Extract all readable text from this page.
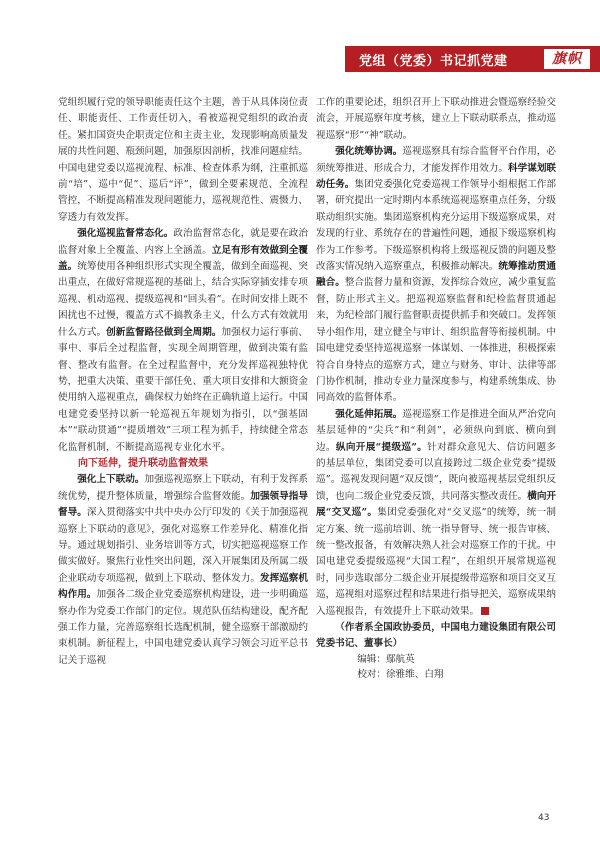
党组（党委）书记抓党建	旗帜

党组织履行党的领导职能责任这个主题，善于从具体岗位责任、职能责任、工作责任切入，看被巡视党组织的政治责任。紧扣国资央企职责定位和主责主业，发现影响高质量发展的共性问题、瓶颈问题，加强原因剖析，找准问题症结。中国电建党委以巡视流程、标准、检查体系为纲，注重抓巡前“培”、巡中“促”、巡后“评”，做到全要素规范、全流程管控，不断提高精准发现问题能力，巡视规范性、震慑力、穿透力有效发挥。

强化巡视监督常态化。政治监督常态化，就是要在政治监督对象上全覆盖、内容上全涵盖。立足有形有效做到全覆盖。统筹使用各种组织形式实现全覆盖，做到全面巡视、突出重点，在做好常规巡视的基础上，结合实际穿插安排专项巡视、机动巡视、提级巡视和“回头看”。在时间安排上既不困扰也不过慢，覆盖方式不搞教条主义，什么方式有效就用什么方式。创新监督路径做到全周期。加强权力运行事前、事中、事后全过程监督，实现全周期管理，做到决策有监督、整改有监督。在全过程监督中，充分发挥巡视独特优势，把重大决策、重要干部任免、重大项目安排和大额资金使用纳入巡视重点，确保权力始终在正确轨道上运行。中国电建党委坚持以新一轮巡视五年规划为指引，以“强基固本”“联动贯通”“提质增效”三项工程为抓手，持续健全常态化监督机制，不断提高巡视专业化水平。

向下延伸，提升联动监督效果

强化上下联动。加强巡视巡察上下联动，有利于发挥系统优势，提升整体质量，增强综合监督效能。加强领导指导督导。深入贯彻落实中共中央办公厅印发的《关于加强巡视巡察上下联动的意见》，强化对巡察工作差异化、精准化指导。通过规划指引、业务培训等方式，切实把巡视巡察工作做实做好。聚焦行业性突出问题，深入开展集团及所属二级企业联动专项巡视，做到上下联动、整体发力。发挥巡察机构作用。加强各二级企业党委巡察机构建设，进一步明确巡察办作为党委工作部门的定位。规范队伍结构建设，配齐配强工作力量，完善巡察组长选配机制，健全巡察干部激励约束机制。新征程上，中国电建党委认真学习领会习近平总书记关于巡视

工作的重要论述，组织召开上下联动推进会暨巡察经验交流会，开展巡察年度考核，建立上下联动联系点，推动巡视巡察“形”“神”联动。

强化统筹协调。巡视巡察具有综合监督平台作用，必须统筹推进、形成合力，才能发挥作用效力。科学谋划联动任务。集团党委强化党委巡视工作领导小组根据工作部署，研究提出一定时期内本系统巡视巡察重点任务，分级联动组织实施。集团巡察机构充分运用下级巡察成果，对发现的行业、系统存在的普遍性问题，通报下级巡察机构作为工作参考。下级巡察机构将上级巡视反馈的问题及整改落实情况纳入巡察重点，积极推动解决。统筹推动贯通融合。整合监督力量和资源，发挥综合效应，减少重复监督，防止形式主义。把巡视巡察监督和纪检监督贯通起来，为纪检部门履行监督职责提供抓手和突破口。发挥领导小组作用，建立健全与审计、组织监督等衔接机制。中国电建党委坚持巡视巡察一体谋划、一体推进，积极探索符合自身特点的巡察方式，建立与财务、审计、法律等部门协作机制，推动专业力量深度参与，构建系统集成、协同高效的监督体系。

强化延伸拓展。巡视巡察工作是推进全面从严治党向基层延伸的“尖兵”和“利剑”，必须纵向到底、横向到边。纵向开展“提级巡”。针对群众意见大、信访问题多的基层单位，集团党委可以直接跨过二级企业党委“提级巡”。巡视发现问题“双反馈”，既向被巡视基层党组织反馈，也向二级企业党委反馈，共同落实整改责任。横向开展“交叉巡”。集团党委强化对“交叉巡”的统筹，统一制定方案、统一巡前培训、统一指导督导、统一报告审核、统一整改报备，有效解决熟人社会对巡察工作的干扰。中国电建党委提级巡视“大国工程”，在组织开展常规巡视时，同步选取部分二级企业开展提级带巡察和项目交叉互巡，巡视组对巡察过程和结果进行指导把关，巡察成果纳入巡视报告，有效提升上下联动效果。

（作者系全国政协委员，中国电力建设集团有限公司党委书记、董事长）

编辑：鄢航英

校对：徐雅维、白翔

43
